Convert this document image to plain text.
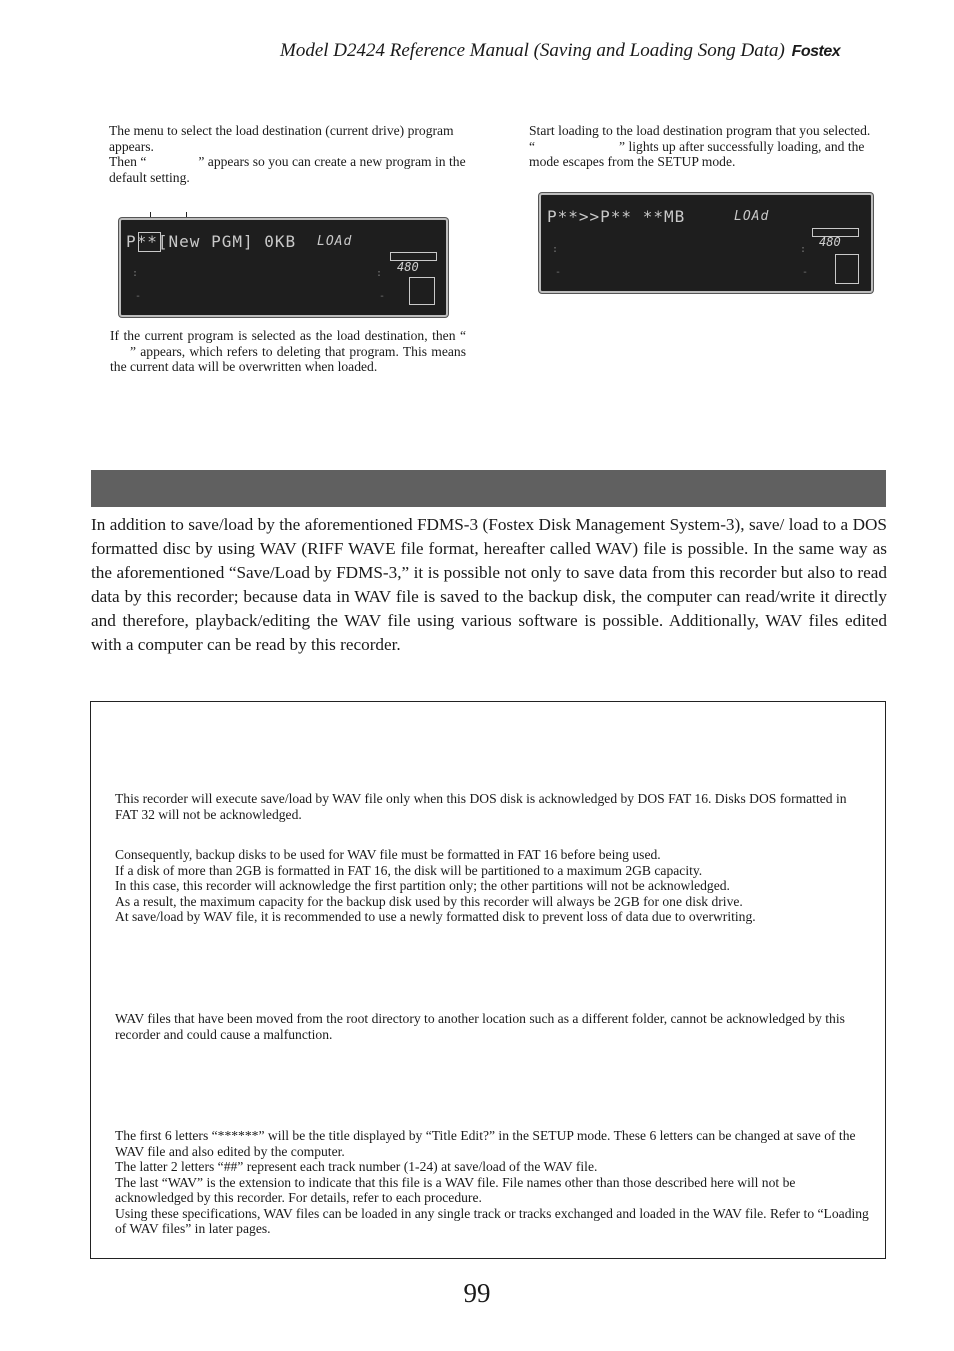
Model D2424 Reference Manual (Saving and Loading Song Data) Fostex

The menu to select the load destination (current drive) program appears.

Then “	” appears so you can create a new program in the default setting.

Start loading to the load destination program that you selected.

“	” lights up after successfully loading, and the mode escapes from the SETUP mode.

P**[New PGM] 0KB LOAd
480
:	:
-	-
P**>>P** **MB	LOAd
480
:	:
-	-

If the current program is selected as the load destination, then “” appears, which refers to deleting that program. This means the current data will be overwritten when loaded.

In addition to save/load by the aforementioned FDMS-3 (Fostex Disk Management System-3), save/ load to a DOS formatted disc by using WAV (RIFF WAVE file format, hereafter called WAV) file is possible. In the same way as the aforementioned “Save/Load by FDMS-3,” it is possible not only to save data from this recorder but also to read data by this recorder; because data in WAV file is saved to the backup disk, the computer can read/write it directly and therefore, playback/editing the WAV file using various software is possible. Additionally, WAV files edited with a computer can be read by this recorder.

This recorder will execute save/load by WAV file only when this DOS disk is acknowledged by DOS FAT 16. Disks DOS formatted in FAT 32 will not be acknowledged.

Consequently, backup disks to be used for WAV file must be formatted in FAT 16 before being used.

If a disk of more than 2GB is formatted in FAT 16, the disk will be partitioned to a maximum 2GB capacity.

In this case, this recorder will acknowledge the first partition only; the other partitions will not be acknowledged.

As a result, the maximum capacity for the backup disk used by this recorder will always be 2GB for one disk drive.

At save/load by WAV file, it is recommended to use a newly formatted disk to prevent loss of data due to overwriting.

WAV files that have been moved from the root directory to another location such as a different folder, cannot be acknowledged by this recorder and could cause a malfunction.

The first 6 letters “******” will be the title displayed by “Title Edit?” in the SETUP mode. These 6 letters can be changed at save of the WAV file and also edited by the computer.

The latter 2 letters “##” represent each track number (1-24) at save/load of the WAV file.

The last “WAV” is the extension to indicate that this file is a WAV file. File names other than those described here will not be acknowledged by this recorder. For details, refer to each procedure.

Using these specifications, WAV files can be loaded in any single track or tracks exchanged and loaded in the WAV file. Refer to “Loading of WAV files” in later pages.

99
